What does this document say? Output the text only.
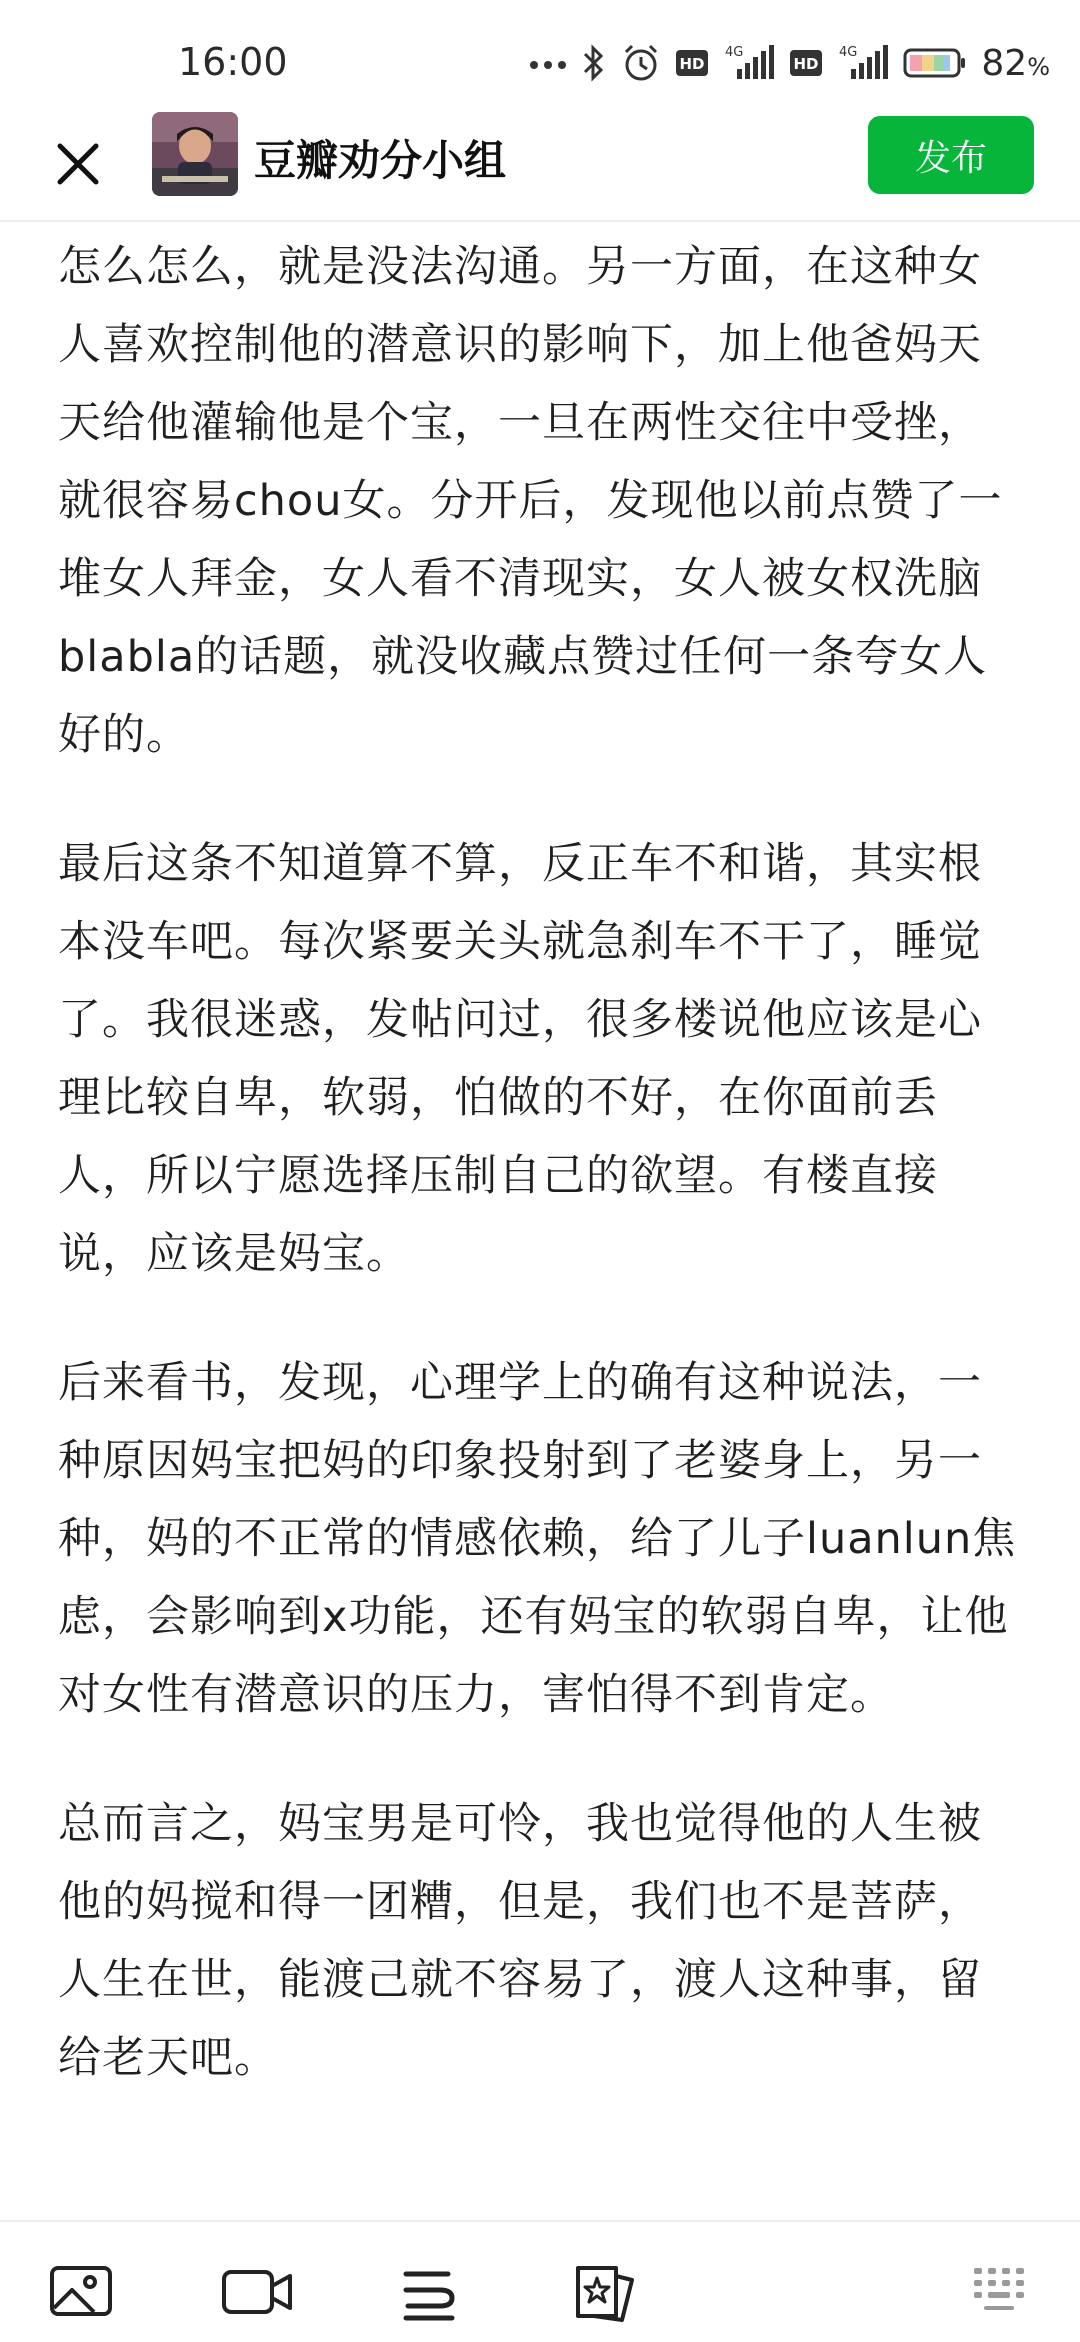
16:00	HD
4G
HD
4G	82%
豆瓣劝分小组	发布

怎么怎么，就是没法沟通。另一方面，在这种女人喜欢控制他的潜意识的影响下，加上他爸妈天天给他灌输他是个宝，一旦在两性交往中受挫，就很容易chou女。分开后，发现他以前点赞了一堆女人拜金，女人看不清现实，女人被女权洗脑blabla的话题，就没收藏点赞过任何一条夸女人好的。

最后这条不知道算不算，反正车不和谐，其实根本没车吧。每次紧要关头就急刹车不干了，睡觉了。我很迷惑，发帖问过，很多楼说他应该是心理比较自卑，软弱，怕做的不好，在你面前丢人，所以宁愿选择压制自己的欲望。有楼直接说，应该是妈宝。

后来看书，发现，心理学上的确有这种说法，一种原因妈宝把妈的印象投射到了老婆身上，另一种，妈的不正常的情感依赖，给了儿子luanlun焦虑，会影响到x功能，还有妈宝的软弱自卑，让他对女性有潜意识的压力，害怕得不到肯定。

总而言之，妈宝男是可怜，我也觉得他的人生被他的妈搅和得一团糟，但是，我们也不是菩萨，人生在世，能渡己就不容易了，渡人这种事，留给老天吧。
